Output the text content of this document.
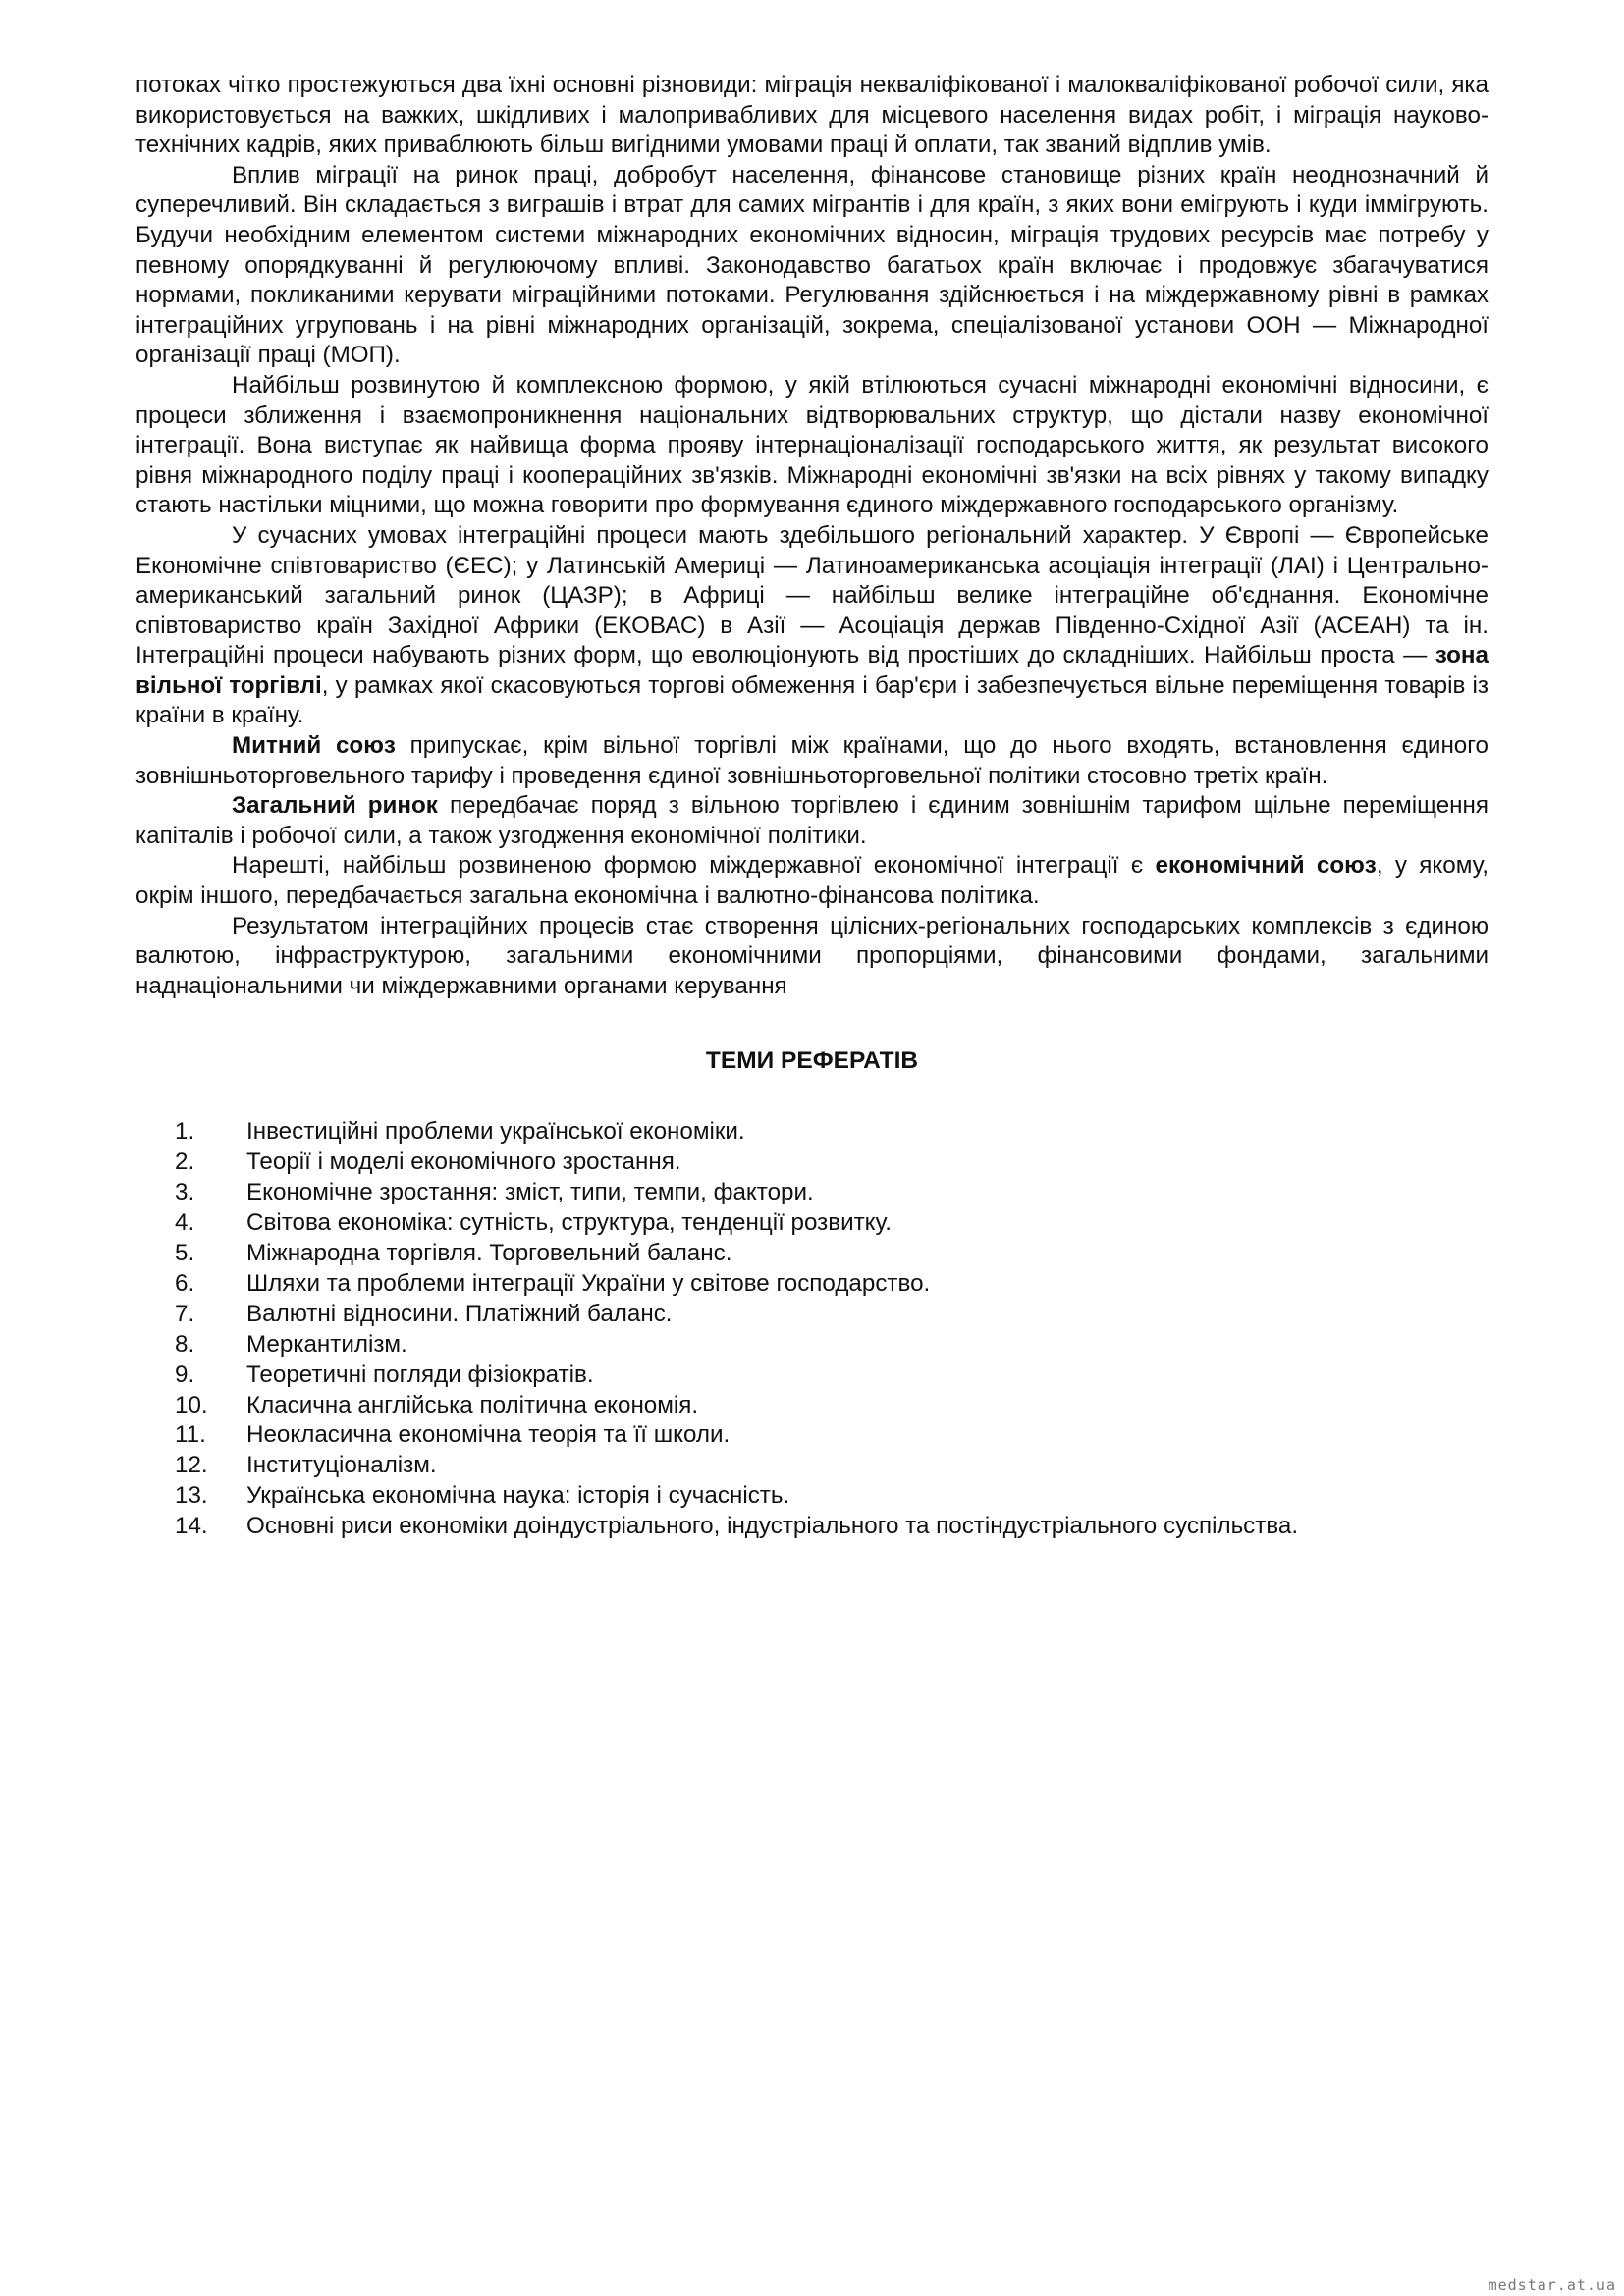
потоках чітко простежуються два їхні основні різновиди: міграція некваліфікованої і малокваліфікованої робочої сили, яка використовується на важких, шкідливих і малопривабливих для місцевого населення видах робіт, і міграція науково-технічних кадрів, яких приваблюють більш вигідними умовами праці й оплати, так званий відплив умів.

Вплив міграції на ринок праці, добробут населення, фінансове становище різних країн неоднозначний й суперечливий. Він складається з виграшів і втрат для самих мігрантів і для країн, з яких вони емігрують і куди іммігрують. Будучи необхідним елементом системи міжнародних економічних відносин, міграція трудових ресурсів має потребу у певному опорядкуванні й регулюючому впливі. Законодавство багатьох країн включає і продовжує збагачуватися нормами, покликаними керувати міграційними потоками. Регулювання здійснюється і на міждержавному рівні в рамках інтеграційних угруповань і на рівні міжнародних організацій, зокрема, спеціалізованої установи ООН — Міжнародної організації праці (МОП).

Найбільш розвинутою й комплексною формою, у якій втілюються сучасні міжнародні економічні відносини, є процеси зближення і взаємопроникнення національних відтворювальних структур, що дістали назву економічної інтеграції. Вона виступає як найвища форма прояву інтернаціоналізації господарського життя, як результат високого рівня міжнародного поділу праці і коопераційних зв'язків. Міжнародні економічні зв'язки на всіх рівнях у такому випадку стають настільки міцними, що можна говорити про формування єдиного міждержавного господарського організму.

У сучасних умовах інтеграційні процеси мають здебільшого регіональний характер. У Європі — Європейське Економічне співтовариство (ЄЕС); у Латинській Америці — Латиноамериканська асоціація інтеграції (ЛАІ) і Центрально-американський загальний ринок (ЦАЗР); в Африці — найбільш велике інтеграційне об'єднання. Економічне співтовариство країн Західної Африки (ЕКОВАС) в Азії — Асоціація держав Південно-Східної Азії (АСЕАН) та ін. Інтеграційні процеси набувають різних форм, що еволюціонують від простіших до складніших. Найбільш проста — зона вільної торгівлі, у рамках якої скасовуються торгові обмеження і бар'єри і забезпечується вільне переміщення товарів із країни в країну.

Митний союз припускає, крім вільної торгівлі між країнами, що до нього входять, встановлення єдиного зовнішньоторговельного тарифу і проведення єдиної зовнішньоторговельної політики стосовно третіх країн.

Загальний ринок передбачає поряд з вільною торгівлею і єдиним зовнішнім тарифом щільне переміщення капіталів і робочої сили, а також узгодження економічної політики.

Нарешті, найбільш розвиненою формою міждержавної економічної інтеграції є економічний союз, у якому, окрім іншого, передбачається загальна економічна і валютно-фінансова політика.

Результатом інтеграційних процесів стає створення цілісних-регіональних господарських комплексів з єдиною валютою, інфраструктурою, загальними економічними пропорціями, фінансовими фондами, загальними наднаціональними чи міждержавними органами керування

ТЕМИ РЕФЕРАТІВ
1.	Інвестиційні проблеми української економіки.
2.	Теорії і моделі економічного зростання.
3.	Економічне зростання: зміст, типи, темпи, фактори.
4.	Світова економіка: сутність, структура, тенденції розвитку.
5.	Міжнародна торгівля. Торговельний баланс.
6.	Шляхи та проблеми інтеграції України у світове господарство.
7.	Валютні відносини. Платіжний баланс.
8.	Меркантилізм.
9.	Теоретичні погляди фізіократів.
10.	Класична англійська політична економія.
11.	Неокласична економічна теорія та її школи.
12.	Інституціоналізм.
13.	Українська економічна наука: історія і сучасність.
14.	Основні риси економіки доіндустріального, індустріального та постіндустріального суспільства.
medstar.at.ua
